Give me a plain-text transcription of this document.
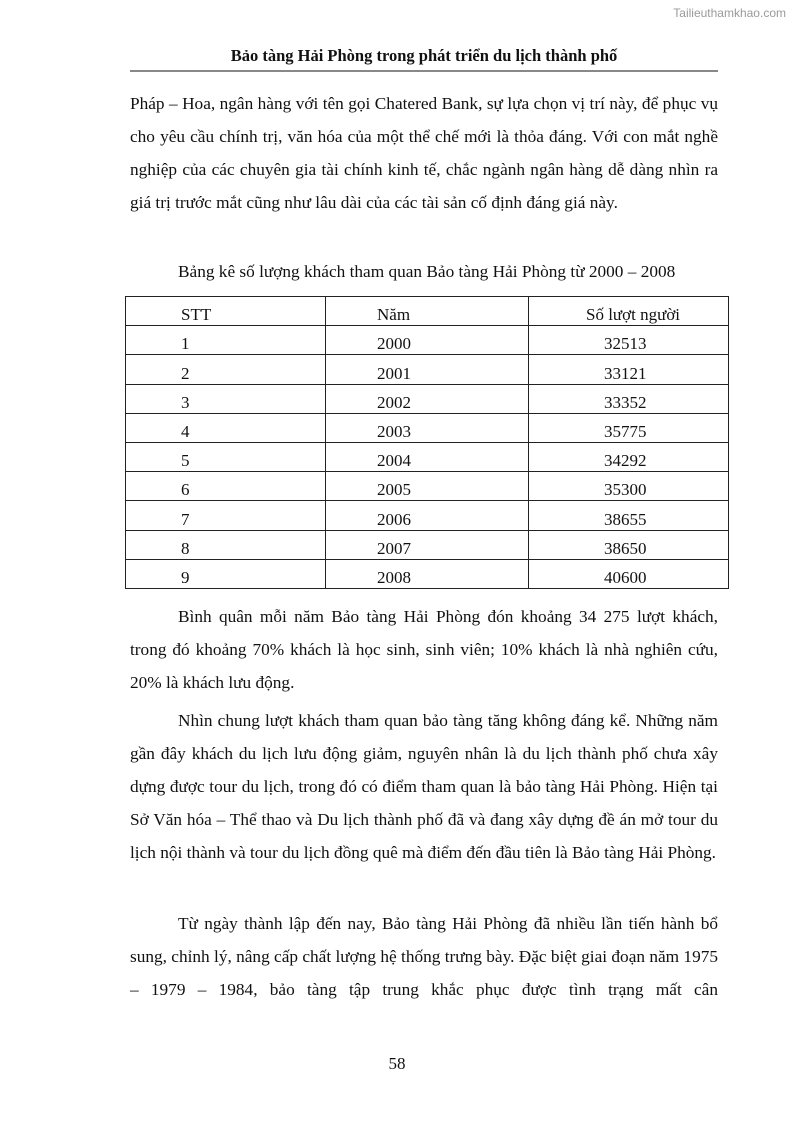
Tailieuthamkhao.com
Bảo tàng Hải Phòng trong phát triển du lịch thành phố
Pháp – Hoa, ngân hàng với tên gọi Chatered Bank, sự lựa chọn vị trí này, để phục vụ cho yêu cầu chính trị, văn hóa của một thể chế mới là thỏa đáng. Với con mắt nghề nghiệp của các chuyên gia tài chính kinh tế, chắc ngành ngân hàng dễ dàng nhìn ra giá trị trước mắt cũng như lâu dài của các tài sản cố định đáng giá này.
Bảng kê số lượng khách tham quan Bảo tàng Hải Phòng từ 2000 – 2008
STT	Năm	Số lượt người
1	2000	32513
2	2001	33121
3	2002	33352
4	2003	35775
5	2004	34292
6	2005	35300
7	2006	38655
8	2007	38650
9	2008	40600
Bình quân mỗi năm Bảo tàng Hải Phòng đón khoảng 34 275 lượt khách, trong đó khoảng 70% khách là học sinh, sinh viên; 10% khách là nhà nghiên cứu, 20% là khách lưu động.
Nhìn chung lượt khách tham quan bảo tàng tăng không đáng kể. Những năm gần đây khách du lịch lưu động giảm, nguyên nhân là du lịch thành phố chưa xây dựng được tour du lịch, trong đó có điểm tham quan là bảo tàng Hải Phòng. Hiện tại Sở Văn hóa – Thể thao và Du lịch thành phố đã và đang xây dựng đề án mở tour du lịch nội thành và tour du lịch đồng quê mà điểm đến đầu tiên là Bảo tàng Hải Phòng.
Từ ngày thành lập đến nay, Bảo tàng Hải Phòng đã nhiều lần tiến hành bổ sung, chỉnh lý, nâng cấp chất lượng hệ thống trưng bày. Đặc biệt giai đoạn năm 1975 – 1979 – 1984, bảo tàng tập trung khắc phục được tình trạng mất cân
58
